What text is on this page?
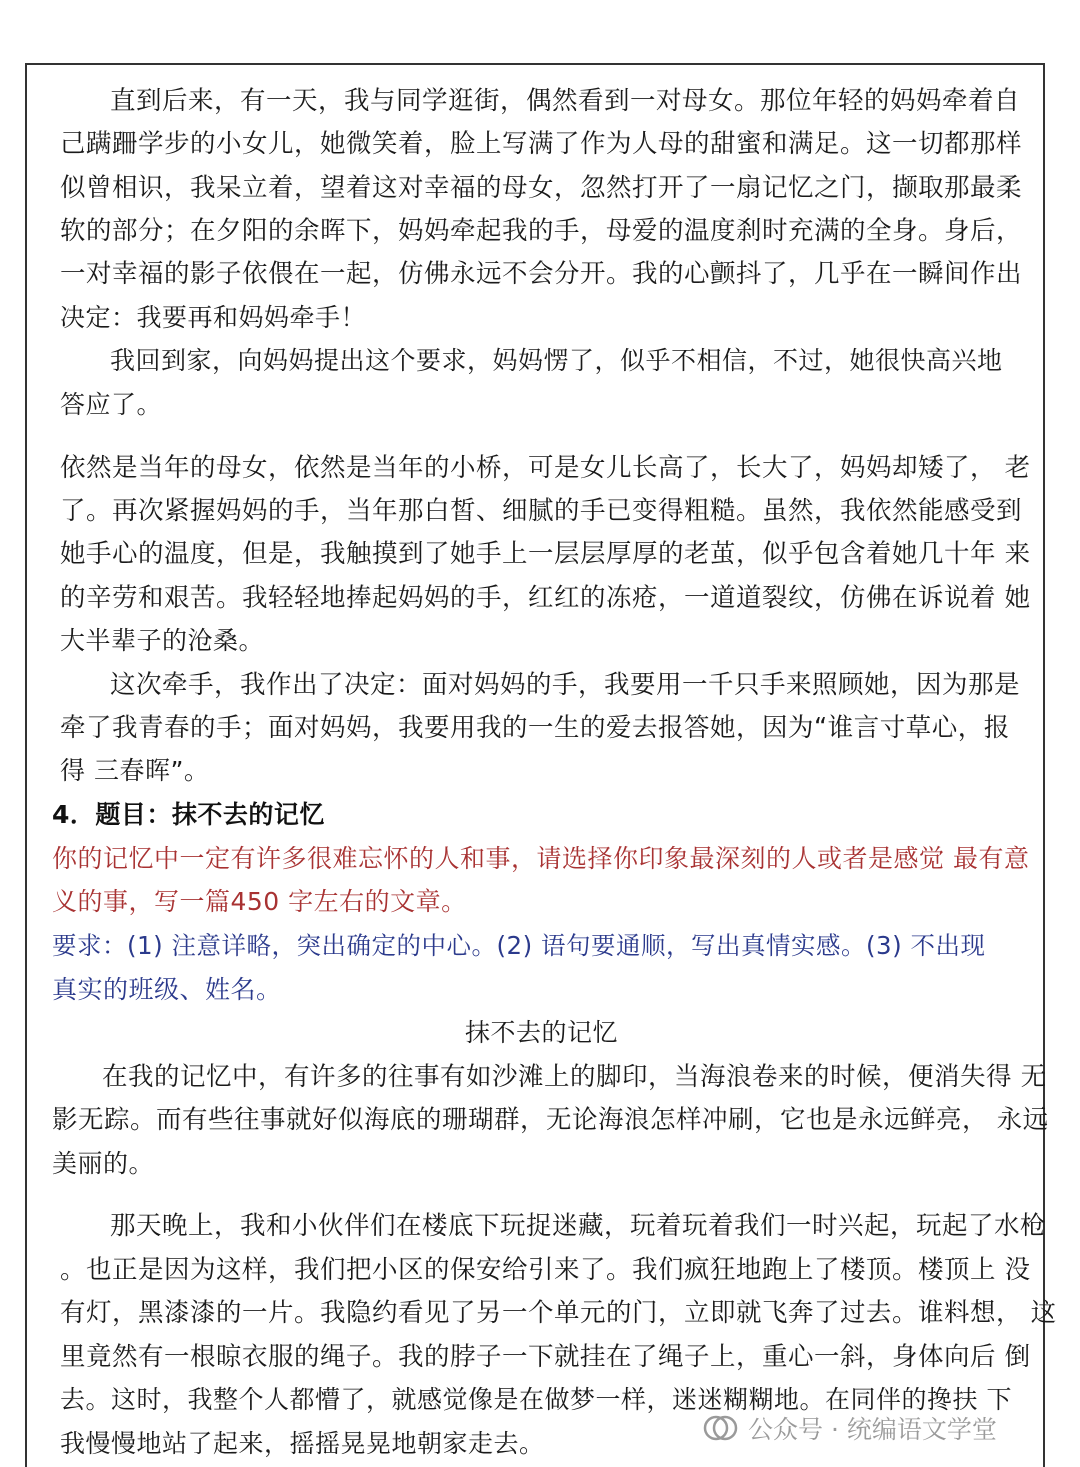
直到后来，有一天，我与同学逛街，偶然看到一对母女。那位年轻的妈妈牵着自
己蹒跚学步的小女儿，她微笑着，脸上写满了作为人母的甜蜜和满足。这一切都那样
似曾相识，我呆立着，望着这对幸福的母女，忽然打开了一扇记忆之门，撷取那最柔
软的部分；在夕阳的余晖下，妈妈牵起我的手，母爱的温度刹时充满的全身。身后，
一对幸福的影子依偎在一起，仿佛永远不会分开。我的心颤抖了，几乎在一瞬间作出
决定：我要再和妈妈牵手！
我回到家，向妈妈提出这个要求，妈妈愣了，似乎不相信，不过，她很快高兴地
答应了。
依然是当年的母女，依然是当年的小桥，可是女儿长高了，长大了，妈妈却矮了， 老
了。再次紧握妈妈的手，当年那白皙、细腻的手已变得粗糙。虽然，我依然能感受到
她手心的温度，但是，我触摸到了她手上一层层厚厚的老茧，似乎包含着她几十年 来
的辛劳和艰苦。我轻轻地捧起妈妈的手，红红的冻疮，一道道裂纹，仿佛在诉说着 她
大半辈子的沧桑。
这次牵手，我作出了决定：面对妈妈的手，我要用一千只手来照顾她，因为那是
牵了我青春的手；面对妈妈，我要用我的一生的爱去报答她，因为“谁言寸草心，报
得 三春晖”。
4．题目：抹不去的记忆
你的记忆中一定有许多很难忘怀的人和事，请选择你印象最深刻的人或者是感觉 最有意
义的事，写一篇450 字左右的文章。
要求：(1) 注意详略，突出确定的中心。(2) 语句要通顺，写出真情实感。(3) 不出现
真实的班级、姓名。
抹不去的记忆
在我的记忆中，有许多的往事有如沙滩上的脚印，当海浪卷来的时候，便消失得 无
影无踪。而有些往事就好似海底的珊瑚群，无论海浪怎样冲刷，它也是永远鲜亮， 永远
美丽的。
那天晚上，我和小伙伴们在楼底下玩捉迷藏，玩着玩着我们一时兴起，玩起了水枪
。也正是因为这样，我们把小区的保安给引来了。我们疯狂地跑上了楼顶。楼顶上 没
有灯，黑漆漆的一片。我隐约看见了另一个单元的门，立即就飞奔了过去。谁料想， 这
里竟然有一根晾衣服的绳子。我的脖子一下就挂在了绳子上，重心一斜，身体向后 倒
去。这时，我整个人都懵了，就感觉像是在做梦一样，迷迷糊糊地。在同伴的搀扶 下
我慢慢地站了起来，摇摇晃晃地朝家走去。	公众号 · 统编语文学堂
